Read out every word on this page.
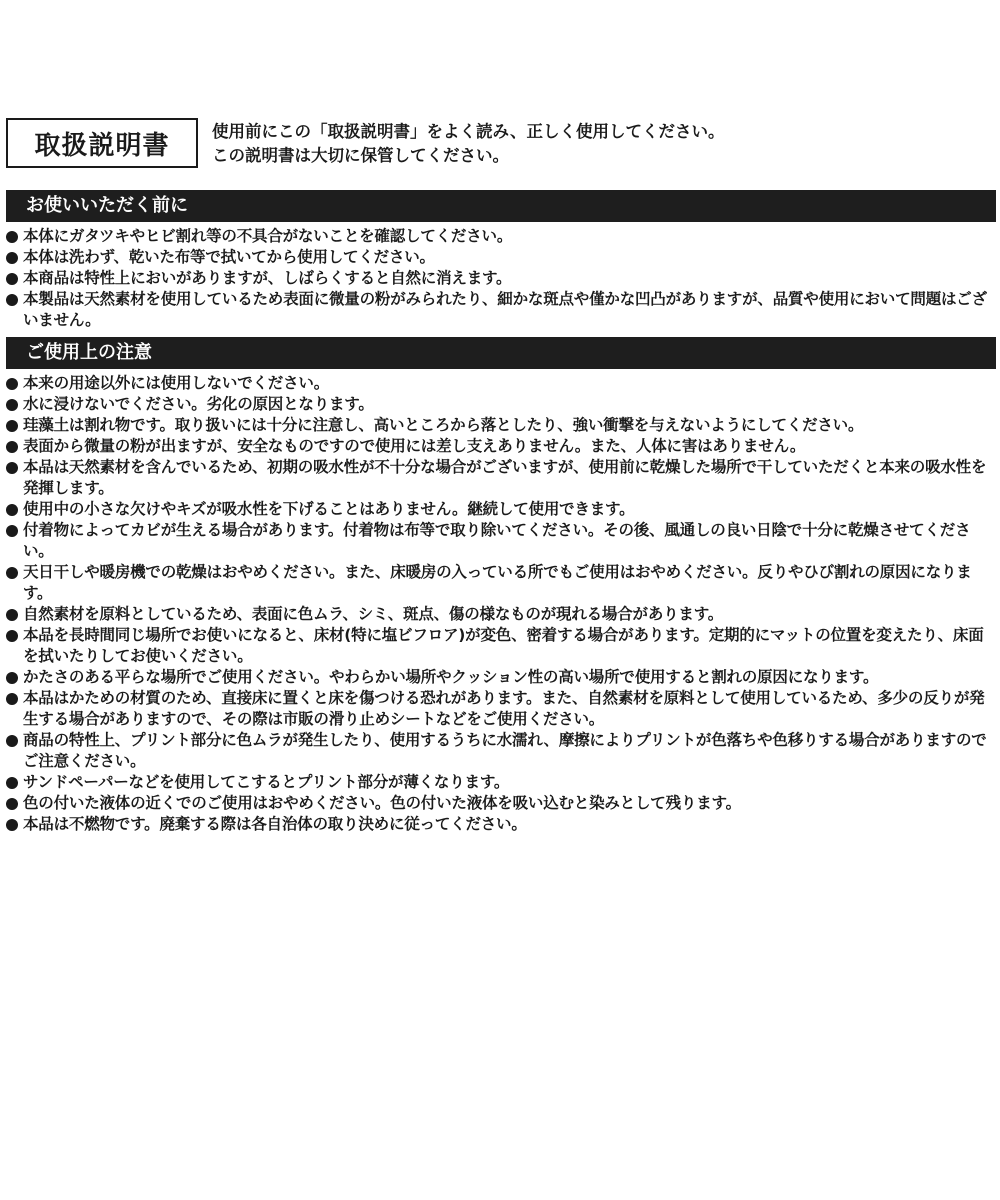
取扱説明書	使用前にこの「取扱説明書」をよく読み、正しく使用してください。
この説明書は大切に保管してください。
お使いいただく前に
本体にガタツキやヒビ割れ等の不具合がないことを確認してください。
本体は洗わず、乾いた布等で拭いてから使用してください。
本商品は特性上においがありますが、しばらくすると自然に消えます。
本製品は天然素材を使用しているため表面に微量の粉がみられたり、細かな斑点や僅かな凹凸がありますが、品質や使用において問題はございません。
ご使用上の注意
本来の用途以外には使用しないでください。
水に浸けないでください。劣化の原因となります。
珪藻土は割れ物です。取り扱いには十分に注意し、高いところから落としたり、強い衝撃を与えないようにしてください。
表面から微量の粉が出ますが、安全なものですので使用には差し支えありません。また、人体に害はありません。
本品は天然素材を含んでいるため、初期の吸水性が不十分な場合がございますが、使用前に乾燥した場所で干していただくと本来の吸水性を発揮します。
使用中の小さな欠けやキズが吸水性を下げることはありません。継続して使用できます。
付着物によってカビが生える場合があります。付着物は布等で取り除いてください。その後、風通しの良い日陰で十分に乾燥させてください。
天日干しや暖房機での乾燥はおやめください。また、床暖房の入っている所でもご使用はおやめください。反りやひび割れの原因になります。
自然素材を原料としているため、表面に色ムラ、シミ、斑点、傷の様なものが現れる場合があります。
本品を長時間同じ場所でお使いになると、床材(特に塩ビフロア)が変色、密着する場合があります。定期的にマットの位置を変えたり、床面を拭いたりしてお使いください。
かたさのある平らな場所でご使用ください。やわらかい場所やクッション性の高い場所で使用すると割れの原因になります。
本品はかための材質のため、直接床に置くと床を傷つける恐れがあります。また、自然素材を原料として使用しているため、多少の反りが発生する場合がありますので、その際は市販の滑り止めシートなどをご使用ください。
商品の特性上、プリント部分に色ムラが発生したり、使用するうちに水濡れ、摩擦によりプリントが色落ちや色移りする場合がありますのでご注意ください。
サンドペーパーなどを使用してこするとプリント部分が薄くなります。
色の付いた液体の近くでのご使用はおやめください。色の付いた液体を吸い込むと染みとして残ります。
本品は不燃物です。廃棄する際は各自治体の取り決めに従ってください。
